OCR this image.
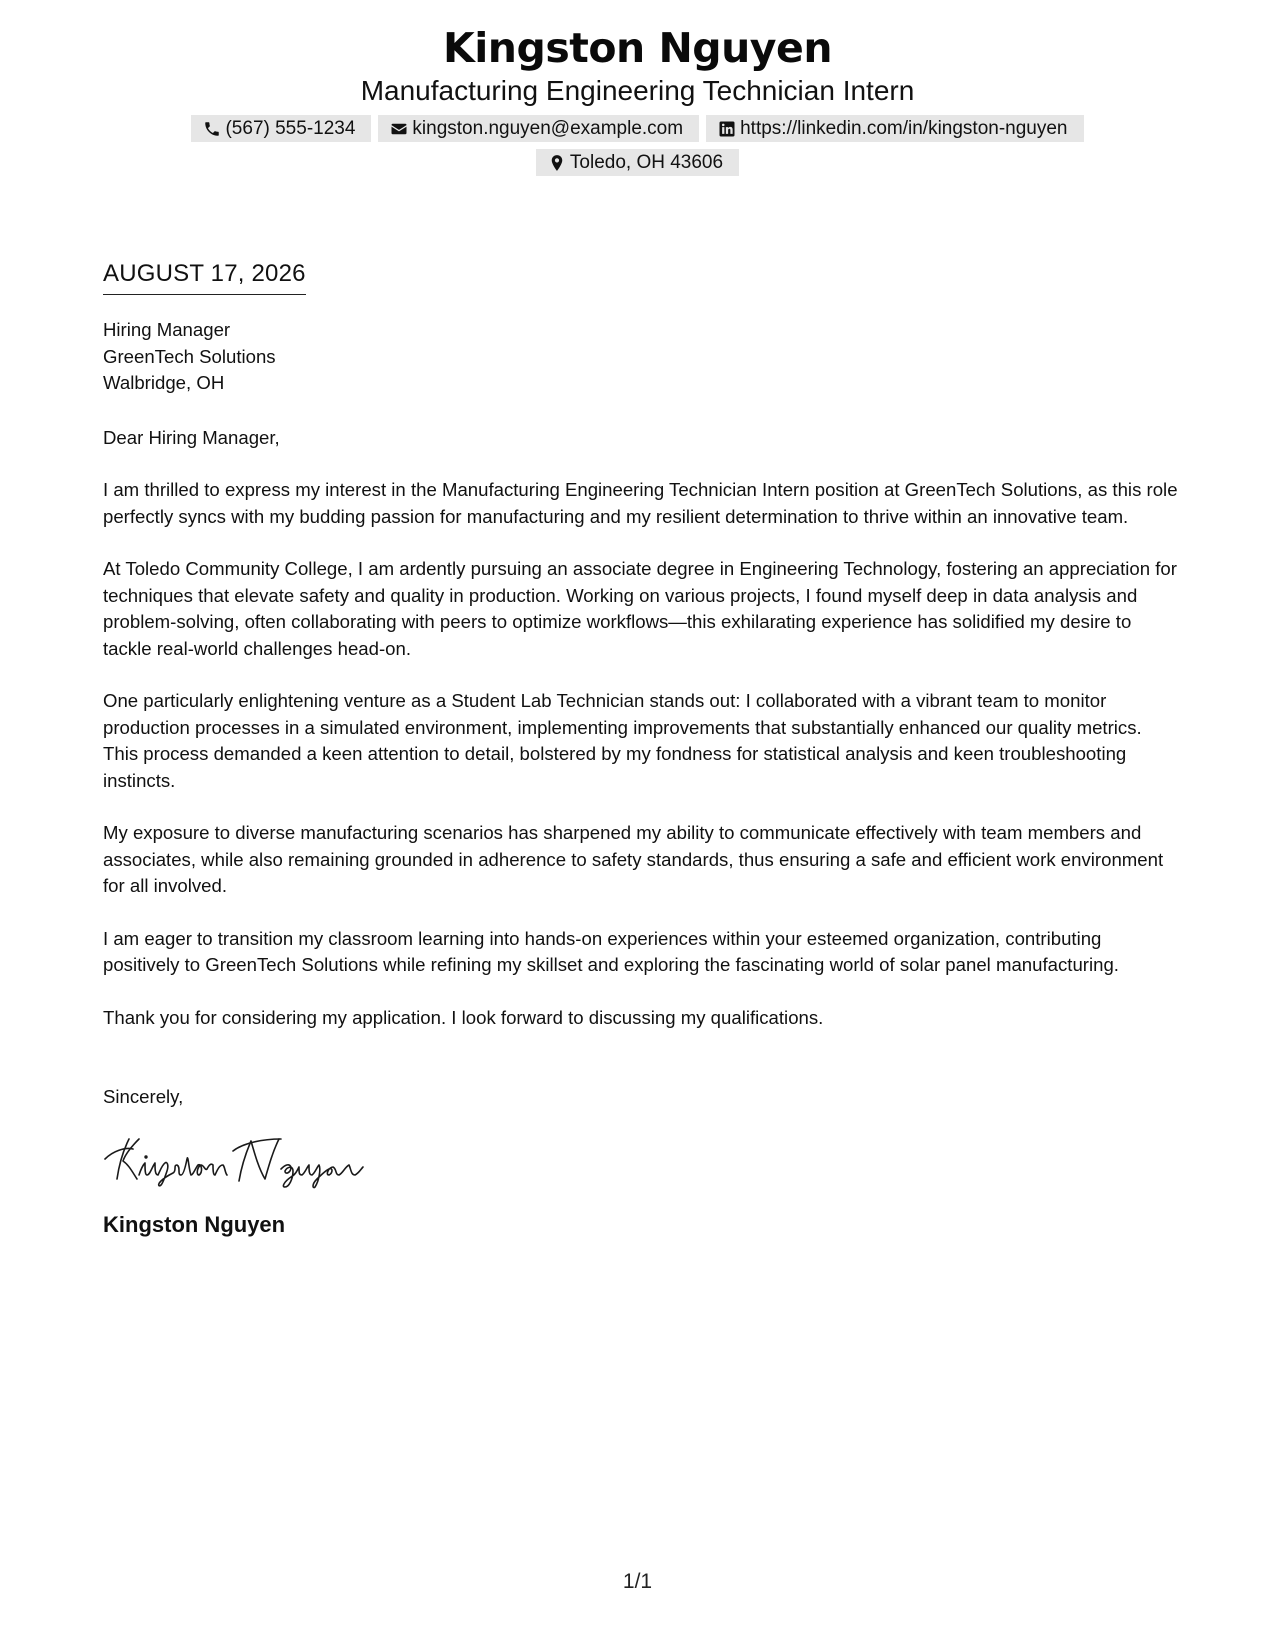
Kingston Nguyen
Manufacturing Engineering Technician Intern
(567) 555-1234	kingston.nguyen@example.com	https://linkedin.com/in/kingston-nguyen
Toledo, OH 43606
AUGUST 17, 2026
Hiring Manager
GreenTech Solutions
Walbridge, OH
Dear Hiring Manager,
I am thrilled to express my interest in the Manufacturing Engineering Technician Intern position at GreenTech Solutions, as this role perfectly syncs with my budding passion for manufacturing and my resilient determination to thrive within an innovative team.
At Toledo Community College, I am ardently pursuing an associate degree in Engineering Technology, fostering an appreciation for techniques that elevate safety and quality in production. Working on various projects, I found myself deep in data analysis and problem-solving, often collaborating with peers to optimize workflows—this exhilarating experience has solidified my desire to tackle real-world challenges head-on.
One particularly enlightening venture as a Student Lab Technician stands out: I collaborated with a vibrant team to monitor production processes in a simulated environment, implementing improvements that substantially enhanced our quality metrics. This process demanded a keen attention to detail, bolstered by my fondness for statistical analysis and keen troubleshooting instincts.
My exposure to diverse manufacturing scenarios has sharpened my ability to communicate effectively with team members and associates, while also remaining grounded in adherence to safety standards, thus ensuring a safe and efficient work environment for all involved.
I am eager to transition my classroom learning into hands-on experiences within your esteemed organization, contributing positively to GreenTech Solutions while refining my skillset and exploring the fascinating world of solar panel manufacturing.
Thank you for considering my application. I look forward to discussing my qualifications.
Sincerely,
Kingston Nguyen
1/1
